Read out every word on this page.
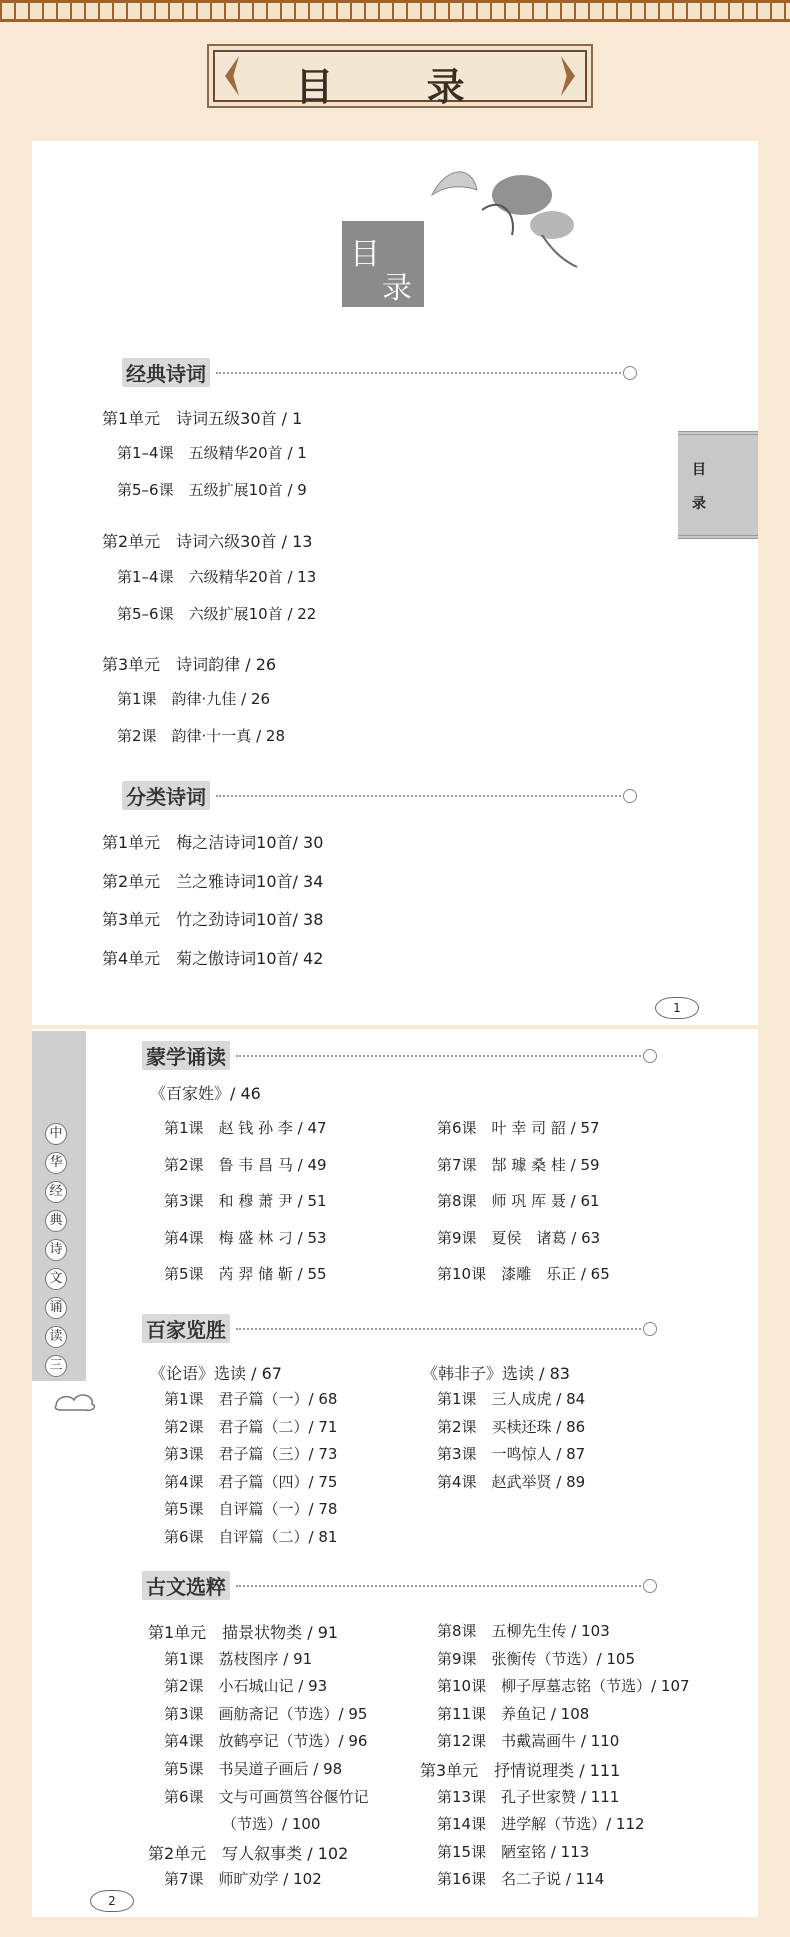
目 录
目
录
经典诗词
分类诗词
1
第1单元　诗词五级30首 / 1
第1–4课　五级精华20首 / 1
第5–6课　五级扩展10首 / 9
第2单元　诗词六级30首 / 13
第1–4课　六级精华20首 / 13
第5–6课　六级扩展10首 / 22
第3单元　诗词韵律 / 26
第1课　韵律·九佳 / 26
第2课　韵律·十一真 / 28
第1单元　梅之洁诗词10首/ 30
第2单元　兰之雅诗词10首/ 34
第3单元　竹之劲诗词10首/ 38
第4单元　菊之傲诗词10首/ 42
目
录
蒙学诵读
百家览胜
古文选粹
2
《百家姓》/ 46
第1课　赵 钱 孙 李 / 47
第2课　鲁 韦 昌 马 / 49
第3课　和 穆 萧 尹 / 51
第4课　梅 盛 林 刁 / 53
第5课　芮 羿 储 靳 / 55
第6课　叶 幸 司 韶 / 57
第7课　郜 璩 桑 桂 / 59
第8课　师 巩 厍 聂 / 61
第9课　夏侯　诸葛 / 63
第10课　漆雕　乐正 / 65
《论语》选读 / 67
第1课　君子篇（一）/ 68
第2课　君子篇（二）/ 71
第3课　君子篇（三）/ 73
第4课　君子篇（四）/ 75
第5课　自评篇（一）/ 78
第6课　自评篇（二）/ 81
《韩非子》选读 / 83
第1课　三人成虎 / 84
第2课　买椟还珠 / 86
第3课　一鸣惊人 / 87
第4课　赵武举贤 / 89
第1单元　描景状物类 / 91
第1课　荔枝图序 / 91
第2课　小石城山记 / 93
第3课　画舫斋记（节选）/ 95
第4课　放鹤亭记（节选）/ 96
第5课　书吴道子画后 / 98
第6课　文与可画筼筜谷偃竹记
（节选）/ 100
第2单元　写人叙事类 / 102
第7课　师旷劝学 / 102
第8课　五柳先生传 / 103
第9课　张衡传（节选）/ 105
第10课　柳子厚墓志铭（节选）/ 107
第11课　养鱼记 / 108
第12课　书戴嵩画牛 / 110
第3单元　抒情说理类 / 111
第13课　孔子世家赞 / 111
第14课　进学解（节选）/ 112
第15课　陋室铭 / 113
第16课　名二子说 / 114
中
华
经
典
诗
文
诵
读
三
